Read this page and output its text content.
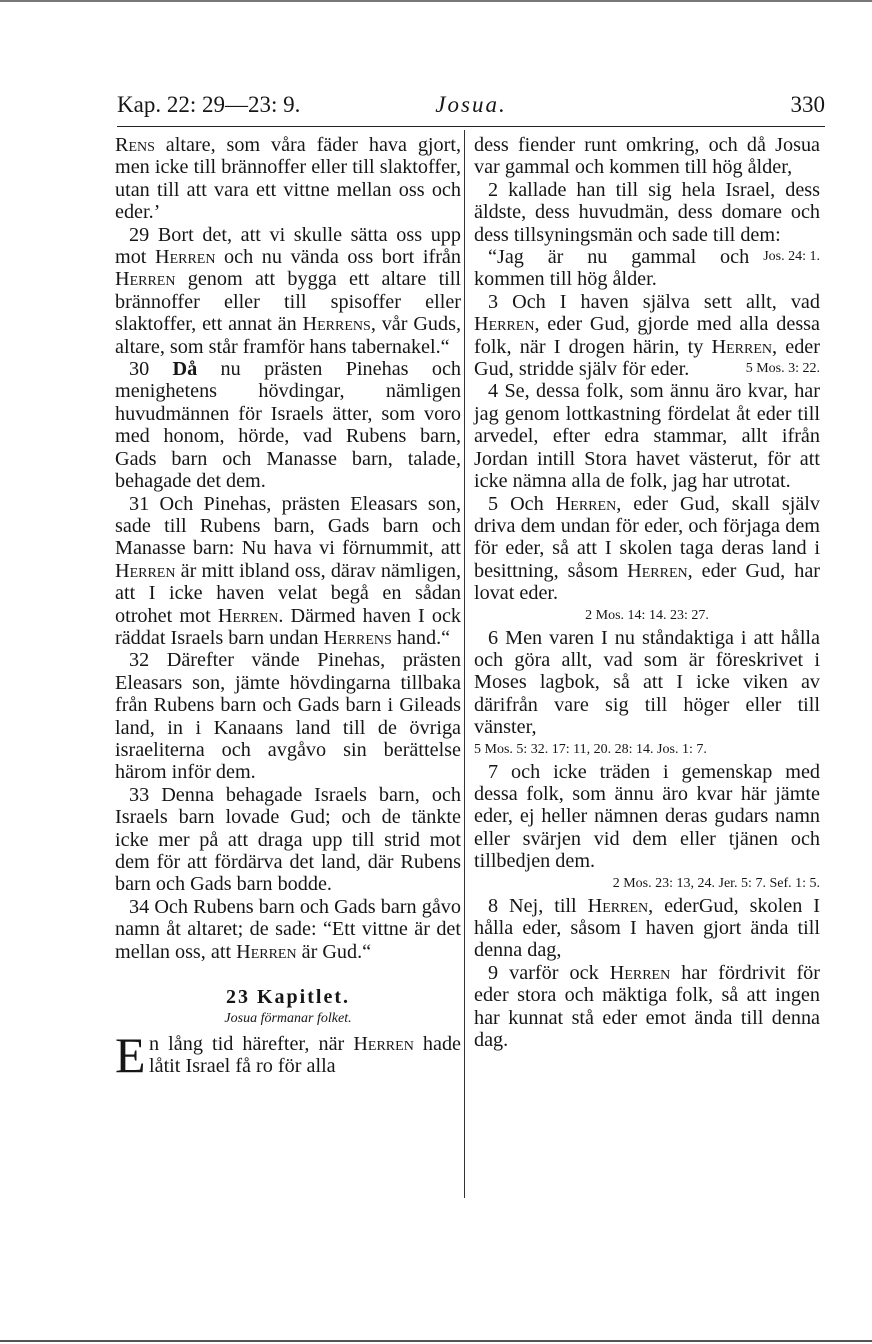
Kap. 22: 29—23: 9.	Josua.	330

Rens altare, som våra fäder hava gjort, men icke till brännoffer eller till slaktoffer, utan till att vara ett vittne mellan oss och eder.’

29 Bort det, att vi skulle sätta oss upp mot Herren och nu vända oss bort ifrån Herren genom att bygga ett altare till brännoffer eller till spisoffer eller slaktoffer, ett annat än Herrens, vår Guds, altare, som står framför hans tabernakel.“

30 Då nu prästen Pinehas och menighetens hövdingar, nämligen huvudmännen för Israels ätter, som voro med honom, hörde, vad Rubens barn, Gads barn och Manasse barn, talade, behagade det dem.

31 Och Pinehas, prästen Eleasars son, sade till Rubens barn, Gads barn och Manasse barn: Nu hava vi förnummit, att Herren är mitt ibland oss, därav nämligen, att I icke haven velat begå en sådan otrohet mot Herren. Därmed haven I ock räddat Israels barn undan Herrens hand.“

32 Därefter vände Pinehas, prästen Eleasars son, jämte hövdingarna tillbaka från Rubens barn och Gads barn i Gileads land, in i Kanaans land till de övriga israeliterna och avgåvo sin berättelse härom inför dem.

33 Denna behagade Israels barn, och Israels barn lovade Gud; och de tänkte icke mer på att draga upp till strid mot dem för att fördärva det land, där Rubens barn och Gads barn bodde.

34 Och Rubens barn och Gads barn gåvo namn åt altaret; de sade: “Ett vittne är det mellan oss, att Herren är Gud.“

23 Kapitlet.
Josua förmanar folket.
E n lång tid härefter, när Herren hade låtit Israel få ro för alla

dess fiender runt omkring, och då Josua var gammal och kommen till hög ålder,

2 kallade han till sig hela Israel, dess äldste, dess huvudmän, dess domare och dess tillsyningsmän och sade till dem:
Jos. 24: 1.

“Jag är nu gammal och kommen till hög ålder.

3 Och I haven själva sett allt, vad Herren, eder Gud, gjorde med alla dessa folk, när I drogen härin, ty Herren, eder Gud, stridde själv för eder.	5 Mos. 3: 22.

4 Se, dessa folk, som ännu äro kvar, har jag genom lottkastning fördelat åt eder till arvedel, efter edra stammar, allt ifrån Jordan intill Stora havet västerut, för att icke nämna alla de folk, jag har utrotat.

5 Och Herren, eder Gud, skall själv driva dem undan för eder, och förjaga dem för eder, så att I skolen taga deras land i besittning, såsom Herren, eder Gud, har lovat eder.

2 Mos. 14: 14. 23: 27.

6 Men varen I nu ståndaktiga i att hålla och göra allt, vad som är föreskrivet i Moses lagbok, så att I icke viken av därifrån vare sig till höger eller till vänster,

5 Mos. 5: 32. 17: 11, 20. 28: 14. Jos. 1: 7.

7 och icke träden i gemenskap med dessa folk, som ännu äro kvar här jämte eder, ej heller nämnen deras gudars namn eller svärjen vid dem eller tjänen och tillbedjen dem.

2 Mos. 23: 13, 24. Jer. 5: 7. Sef. 1: 5.

8 Nej, till Herren, ederGud, skolen I hålla eder, såsom I haven gjort ända till denna dag,

9 varför ock Herren har fördrivit för eder stora och mäktiga folk, så att ingen har kunnat stå eder emot ända till denna dag.
